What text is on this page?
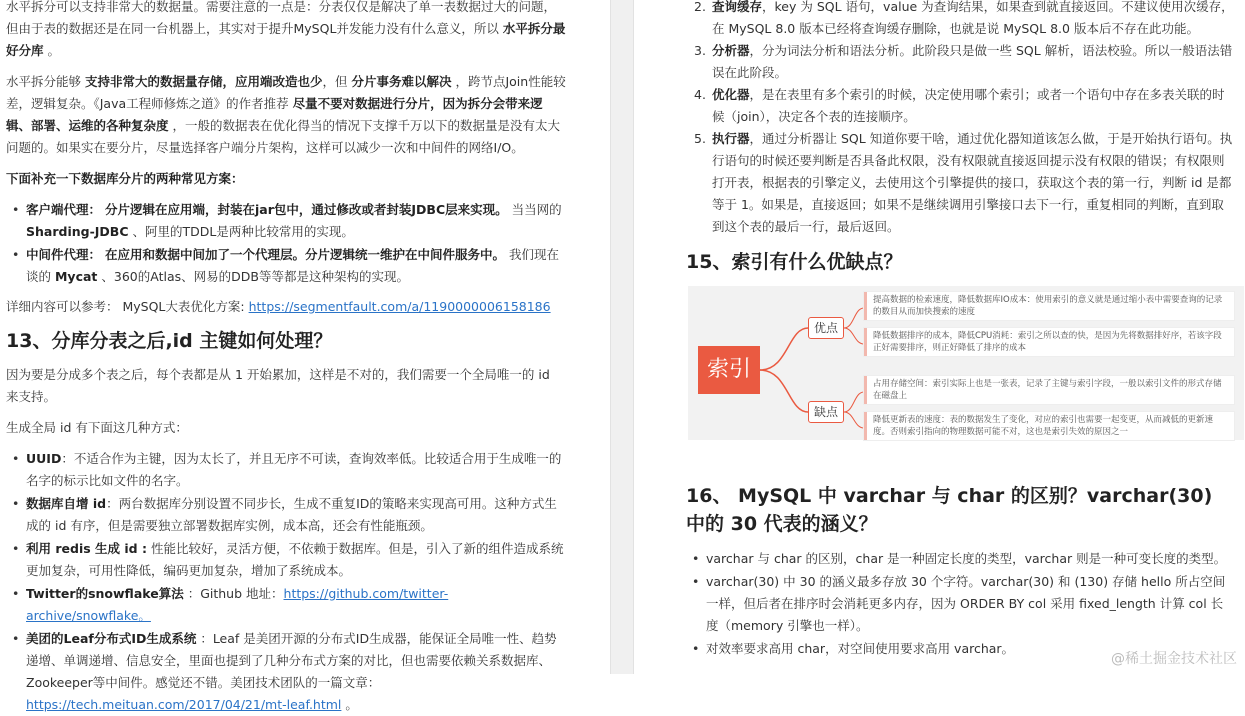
水平拆分可以支持非常大的数据量。需要注意的一点是：分表仅仅是解决了单一表数据过大的问题，但由于表的数据还是在同一台机器上，其实对于提升MySQL并发能力没有什么意义，所以 水平拆分最好分库 。

水平拆分能够 支持非常大的数据量存储，应用端改造也少，但 分片事务难以解决 ，跨节点Join性能较差，逻辑复杂。《Java工程师修炼之道》的作者推荐 尽量不要对数据进行分片，因为拆分会带来逻辑、部署、运维的各种复杂度 ，一般的数据表在优化得当的情况下支撑千万以下的数据量是没有太大问题的。如果实在要分片，尽量选择客户端分片架构，这样可以减少一次和中间件的网络I/O。

下面补充一下数据库分片的两种常见方案：

• 客户端代理： 分片逻辑在应用端，封装在jar包中，通过修改或者封装JDBC层来实现。 当当网的 Sharding-JDBC 、阿里的TDDL是两种比较常用的实现。
• 中间件代理： 在应用和数据中间加了一个代理层。分片逻辑统一维护在中间件服务中。 我们现在谈的 Mycat 、360的Atlas、网易的DDB等等都是这种架构的实现。

详细内容可以参考： MySQL大表优化方案: https://segmentfault.com/a/1190000006158186

13、分库分表之后,id 主键如何处理？

因为要是分成多个表之后，每个表都是从 1 开始累加，这样是不对的，我们需要一个全局唯一的 id 来支持。

生成全局 id 有下面这几种方式：

• UUID：不适合作为主键，因为太长了，并且无序不可读，查询效率低。比较适合用于生成唯一的名字的标示比如文件的名字。
• 数据库自增 id：两台数据库分别设置不同步长，生成不重复ID的策略来实现高可用。这种方式生成的 id 有序，但是需要独立部署数据库实例，成本高，还会有性能瓶颈。
• 利用 redis 生成 id : 性能比较好，灵活方便，不依赖于数据库。但是，引入了新的组件造成系统更加复杂，可用性降低，编码更加复杂，增加了系统成本。
• Twitter的snowflake算法 ：Github 地址：https://github.com/twitter-archive/snowflake。
• 美团的Leaf分布式ID生成系统 ：Leaf 是美团开源的分布式ID生成器，能保证全局唯一性、趋势递增、单调递增、信息安全，里面也提到了几种分布式方案的对比，但也需要依赖关系数据库、Zookeeper等中间件。感觉还不错。美团技术团队的一篇文章：https://tech.meituan.com/2017/04/21/mt-leaf.html 。
2. 查询缓存，key 为 SQL 语句，value 为查询结果，如果查到就直接返回。不建议使用次缓存，在 MySQL 8.0 版本已经将查询缓存删除，也就是说 MySQL 8.0 版本后不存在此功能。
3. 分析器，分为词法分析和语法分析。此阶段只是做一些 SQL 解析，语法校验。所以一般语法错误在此阶段。
4. 优化器，是在表里有多个索引的时候，决定使用哪个索引；或者一个语句中存在多表关联的时候（join），决定各个表的连接顺序。
5. 执行器，通过分析器让 SQL 知道你要干啥，通过优化器知道该怎么做，于是开始执行语句。执行语句的时候还要判断是否具备此权限，没有权限就直接返回提示没有权限的错误；有权限则打开表，根据表的引擎定义，去使用这个引擎提供的接口，获取这个表的第一行，判断 id 是都等于 1。如果是，直接返回；如果不是继续调用引擎接口去下一行，重复相同的判断，直到取到这个表的最后一行，最后返回。
15、索引有什么优缺点？
索引
优点
缺点
提高数据的检索速度，降低数据库IO成本：使用索引的意义就是通过缩小表中需要查询的记录的数目从而加快搜索的速度
降低数据排序的成本，降低CPU消耗：索引之所以查的快，是因为先将数据排好序，若该字段正好需要排序，则正好降低了排序的成本
占用存储空间：索引实际上也是一张表，记录了主键与索引字段，一般以索引文件的形式存储在磁盘上
降低更新表的速度：表的数据发生了变化，对应的索引也需要一起变更，从而减低的更新速度。否则索引指向的物理数据可能不对，这也是索引失效的原因之一
16、 MySQL 中 varchar 与 char 的区别？varchar(30) 中的 30 代表的涵义？
• varchar 与 char 的区别，char 是一种固定长度的类型，varchar 则是一种可变长度的类型。
• varchar(30) 中 30 的涵义最多存放 30 个字符。varchar(30) 和 (130) 存储 hello 所占空间一样，但后者在排序时会消耗更多内存，因为 ORDER BY col 采用 fixed_length 计算 col 长度（memory 引擎也一样）。
• 对效率要求高用 char，对空间使用要求高用 varchar。
@稀土掘金技术社区
